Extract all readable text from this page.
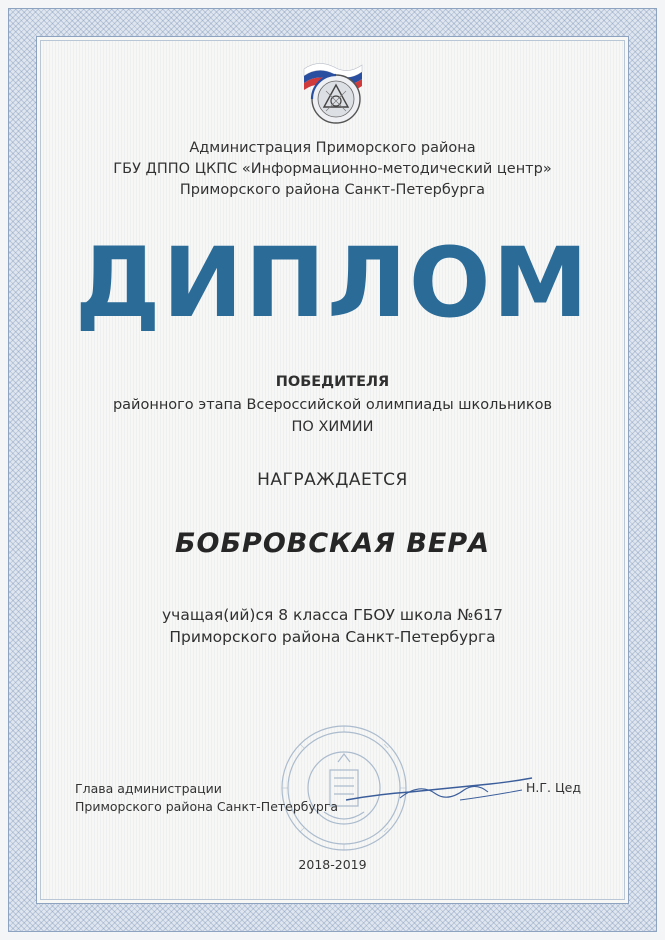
Администрация Приморского района

ГБУ ДППО ЦКПС «Информационно-методический центр»

Приморского района Санкт-Петербурга

ДИПЛОМ

ПОБЕДИТЕЛЯ

районного этапа Всероссийской олимпиады школьников

ПО ХИМИИ

НАГРАЖДАЕТСЯ

БОБРОВСКАЯ ВЕРА

учащая(ий)ся 8 класса ГБОУ школа №617

Приморского района Санкт-Петербурга

Глава администрации
Приморского района Санкт-Петербурга

Н.Г. Цед

2018-2019
